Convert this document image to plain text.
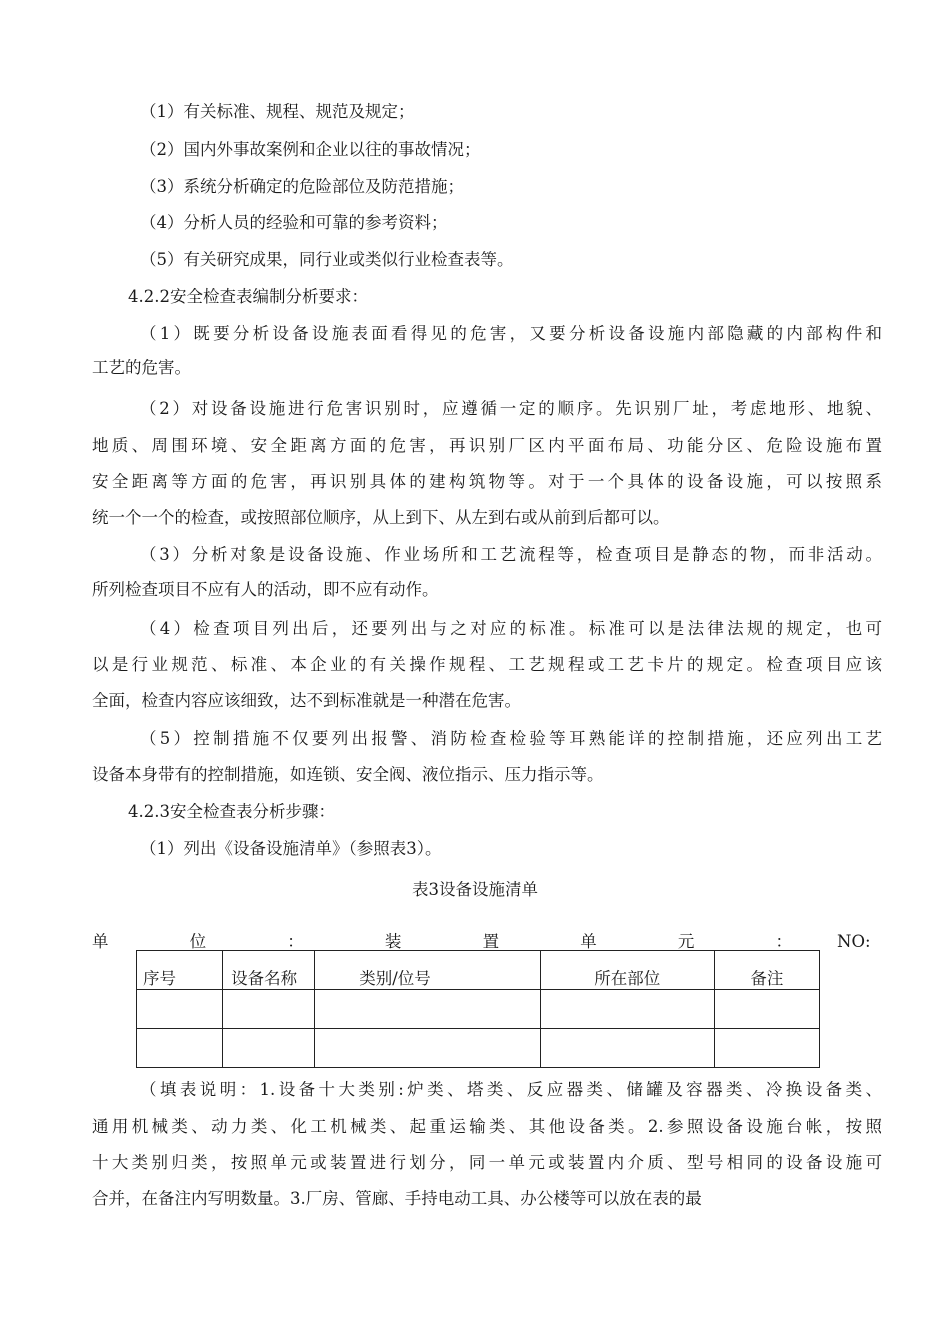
（1）有关标准、规程、规范及规定；
（2）国内外事故案例和企业以往的事故情况；
（3）系统分析确定的危险部位及防范措施；
（4）分析人员的经验和可靠的参考资料；
（5）有关研究成果，同行业或类似行业检查表等。
4.2.2安全检查表编制分析要求：
（1）既要分析设备设施表面看得见的危害，又要分析设备设施内部隐藏的内部构件和
工艺的危害。
（2）对设备设施进行危害识别时，应遵循一定的顺序。先识别厂址，考虑地形、地貌、
地质、周围环境、安全距离方面的危害，再识别厂区内平面布局、功能分区、危险设施布置
安全距离等方面的危害，再识别具体的建构筑物等。对于一个具体的设备设施，可以按照系
统一个一个的检查，或按照部位顺序，从上到下、从左到右或从前到后都可以。
（3）分析对象是设备设施、作业场所和工艺流程等，检查项目是静态的物，而非活动。
所列检查项目不应有人的活动，即不应有动作。
（4）检查项目列出后，还要列出与之对应的标准。标准可以是法律法规的规定，也可
以是行业规范、标准、本企业的有关操作规程、工艺规程或工艺卡片的规定。检查项目应该
全面，检查内容应该细致，达不到标准就是一种潜在危害。
（5）控制措施不仅要列出报警、消防检查检验等耳熟能详的控制措施，还应列出工艺
设备本身带有的控制措施，如连锁、安全阀、液位指示、压力指示等。
4.2.3安全检查表分析步骤：
（1）列出《设备设施清单》（参照表3）。
表3设备设施清单
单	位	：	装	置	单	元	：	NO:
序号	设备名称	类别/位号	所在部位	备注

（填表说明：1.设备十大类别:炉类、塔类、反应器类、储罐及容器类、冷换设备类、
通用机械类、动力类、化工机械类、起重运输类、其他设备类。2.参照设备设施台帐，按照
十大类别归类，按照单元或装置进行划分，同一单元或装置内介质、型号相同的设备设施可
合并，在备注内写明数量。3.厂房、管廊、手持电动工具、办公楼等可以放在表的最
